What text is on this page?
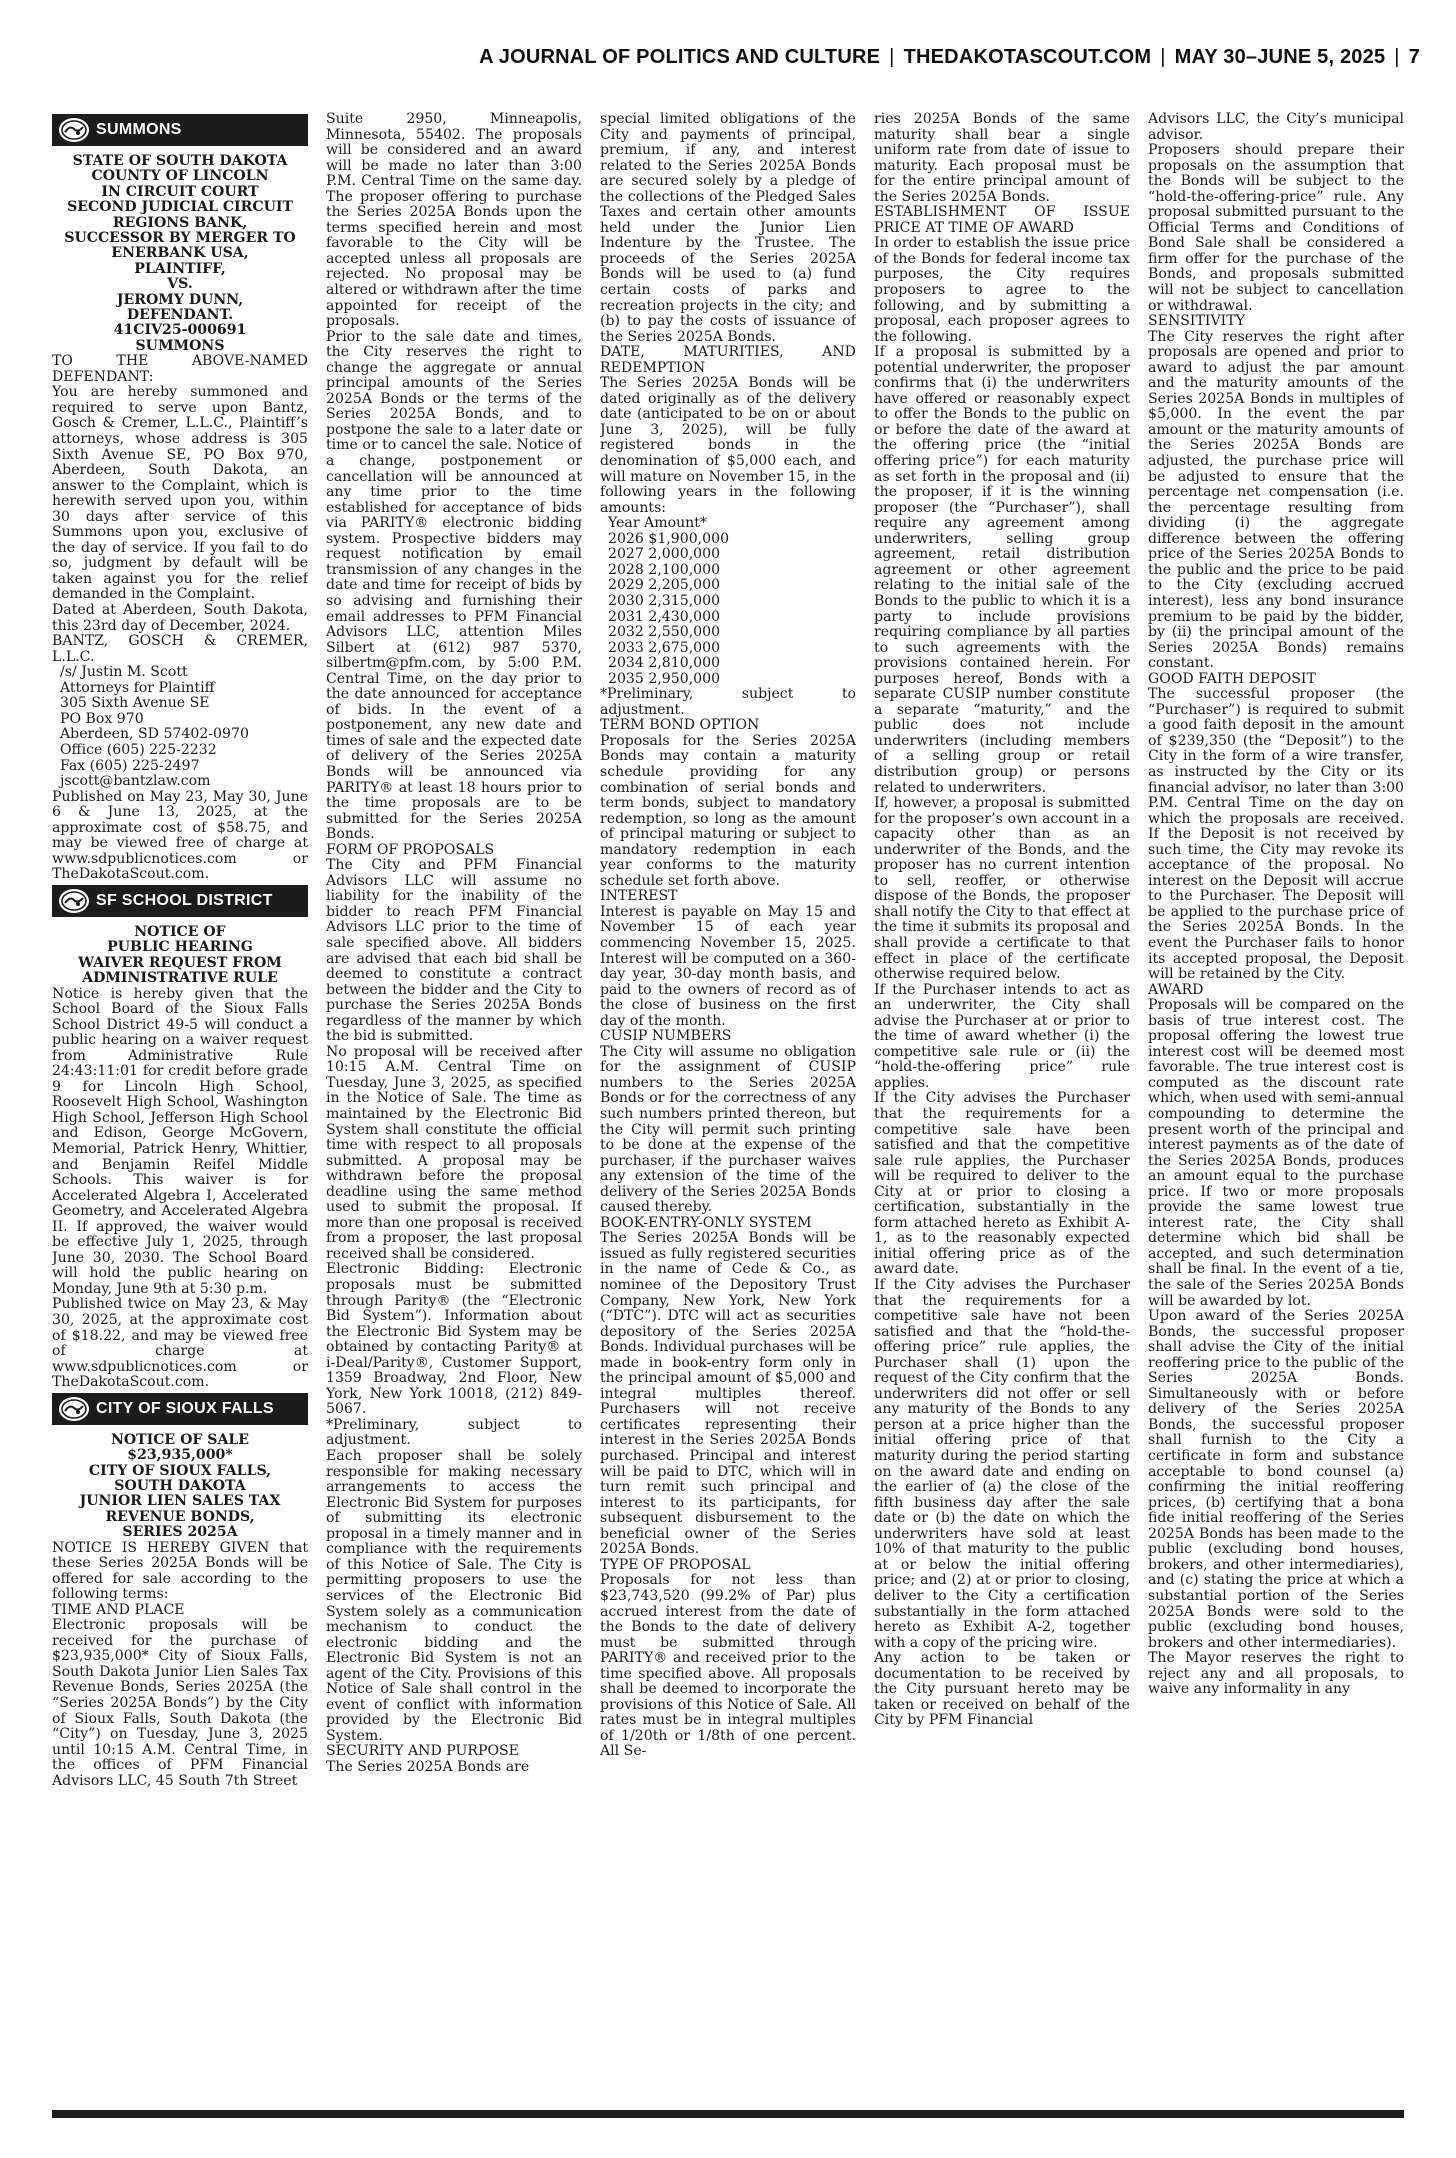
A JOURNAL OF POLITICS AND CULTURE | THEDAKOTASCOUT.COM | MAY 30–JUNE 5, 2025 | 7
SUMMONS

STATE OF SOUTH DAKOTA
COUNTY OF LINCOLN
IN CIRCUIT COURT
SECOND JUDICIAL CIRCUIT
REGIONS BANK,
SUCCESSOR BY MERGER TO
ENERBANK USA,
PLAINTIFF,
VS.
JEROMY DUNN,
DEFENDANT.
41CIV25-000691
SUMMONS

TO THE ABOVE-NAMED DEFENDANT:

You are hereby summoned and required to serve upon Bantz, Gosch & Cremer, L.L.C., Plaintiff’s attorneys, whose address is 305 Sixth Avenue SE, PO Box 970, Aberdeen, South Dakota, an answer to the Complaint, which is herewith served upon you, within 30 days after service of this Summons upon you, exclusive of the day of service. If you fail to do so, judgment by default will be taken against you for the relief demanded in the Complaint.

Dated at Aberdeen, South Dakota, this 23rd day of December, 2024.

BANTZ, GOSCH & CREMER, L.L.C.

/s/ Justin M. Scott
Attorneys for Plaintiff
305 Sixth Avenue SE
PO Box 970
Aberdeen, SD 57402-0970
Office (605) 225-2232
Fax (605) 225-2497
jscott@bantzlaw.com

Published on May 23, May 30, June 6 & June 13, 2025, at the approximate cost of $58.75, and may be viewed free of charge at www.sdpublicnotices.com or TheDakotaScout.com.

SF SCHOOL DISTRICT

NOTICE OF
PUBLIC HEARING
WAIVER REQUEST FROM
ADMINISTRATIVE RULE

Notice is hereby given that the School Board of the Sioux Falls School District 49-5 will conduct a public hearing on a waiver request from Administrative Rule 24:43:11:01 for credit before grade 9 for Lincoln High School, Roosevelt High School, Washington High School, Jefferson High School and Edison, George McGovern, Memorial, Patrick Henry, Whittier, and Benjamin Reifel Middle Schools. This waiver is for Accelerated Algebra I, Accelerated Geometry, and Accelerated Algebra II. If approved, the waiver would be effective July 1, 2025, through June 30, 2030. The School Board will hold the public hearing on Monday, June 9th at 5:30 p.m.

Published twice on May 23, & May 30, 2025, at the approximate cost of $18.22, and may be viewed free of charge at www.sdpublicnotices.com or TheDakotaScout.com.

CITY OF SIOUX FALLS

NOTICE OF SALE
$23,935,000*
CITY OF SIOUX FALLS,
SOUTH DAKOTA
JUNIOR LIEN SALES TAX
REVENUE BONDS,
SERIES 2025A

NOTICE IS HEREBY GIVEN that these Series 2025A Bonds will be offered for sale according to the following terms:

TIME AND PLACE

Electronic proposals will be received for the purchase of $23,935,000* City of Sioux Falls, South Dakota Junior Lien Sales Tax Revenue Bonds, Series 2025A (the “Series 2025A Bonds”) by the City of Sioux Falls, South Dakota (the “City”) on Tuesday, June 3, 2025 until 10:15 A.M. Central Time, in the offices of PFM Financial Advisors LLC, 45 South 7th Street

Suite 2950, Minneapolis, Minnesota, 55402. The proposals will be considered and an award will be made no later than 3:00 P.M. Central Time on the same day. The proposer offering to purchase the Series 2025A Bonds upon the terms specified herein and most favorable to the City will be accepted unless all proposals are rejected. No proposal may be altered or withdrawn after the time appointed for receipt of the proposals.

Prior to the sale date and times, the City reserves the right to change the aggregate or annual principal amounts of the Series 2025A Bonds or the terms of the Series 2025A Bonds, and to postpone the sale to a later date or time or to cancel the sale. Notice of a change, postponement or cancellation will be announced at any time prior to the time established for acceptance of bids via PARITY® electronic bidding system. Prospective bidders may request notification by email transmission of any changes in the date and time for receipt of bids by so advising and furnishing their email addresses to PFM Financial Advisors LLC, attention Miles Silbert at (612) 987 5370, silbertm@pfm.com, by 5:00 P.M. Central Time, on the day prior to the date announced for acceptance of bids. In the event of a postponement, any new date and times of sale and the expected date of delivery of the Series 2025A Bonds will be announced via PARITY® at least 18 hours prior to the time proposals are to be submitted for the Series 2025A Bonds.

FORM OF PROPOSALS

The City and PFM Financial Advisors LLC will assume no liability for the inability of the bidder to reach PFM Financial Advisors LLC prior to the time of sale specified above. All bidders are advised that each bid shall be deemed to constitute a contract between the bidder and the City to purchase the Series 2025A Bonds regardless of the manner by which the bid is submitted.

No proposal will be received after 10:15 A.M. Central Time on Tuesday, June 3, 2025, as specified in the Notice of Sale. The time as maintained by the Electronic Bid System shall constitute the official time with respect to all proposals submitted. A proposal may be withdrawn before the proposal deadline using the same method used to submit the proposal. If more than one proposal is received from a proposer, the last proposal received shall be considered.

Electronic Bidding: Electronic proposals must be submitted through Parity® (the “Electronic Bid System”). Information about the Electronic Bid System may be obtained by contacting Parity® at i-Deal/Parity®, Customer Support, 1359 Broadway, 2nd Floor, New York, New York 10018, (212) 849-5067.

*Preliminary, subject to adjustment.

Each proposer shall be solely responsible for making necessary arrangements to access the Electronic Bid System for purposes of submitting its electronic proposal in a timely manner and in compliance with the requirements of this Notice of Sale. The City is permitting proposers to use the services of the Electronic Bid System solely as a communication mechanism to conduct the electronic bidding and the Electronic Bid System is not an agent of the City. Provisions of this Notice of Sale shall control in the event of conflict with information provided by the Electronic Bid System.

SECURITY AND PURPOSE

The Series 2025A Bonds are

special limited obligations of the City and payments of principal, premium, if any, and interest related to the Series 2025A Bonds are secured solely by a pledge of the collections of the Pledged Sales Taxes and certain other amounts held under the Junior Lien Indenture by the Trustee. The proceeds of the Series 2025A Bonds will be used to (a) fund certain costs of parks and recreation projects in the city; and (b) to pay the costs of issuance of the Series 2025A Bonds.

DATE, MATURITIES, AND REDEMPTION

The Series 2025A Bonds will be dated originally as of the delivery date (anticipated to be on or about June 3, 2025), will be fully registered bonds in the denomination of $5,000 each, and will mature on November 15, in the following years in the following amounts:

Year Amount*
2026 $1,900,000
2027 2,000,000
2028 2,100,000
2029 2,205,000
2030 2,315,000
2031 2,430,000
2032 2,550,000
2033 2,675,000
2034 2,810,000
2035 2,950,000

*Preliminary, subject to adjustment.

TERM BOND OPTION

Proposals for the Series 2025A Bonds may contain a maturity schedule providing for any combination of serial bonds and term bonds, subject to mandatory redemption, so long as the amount of principal maturing or subject to mandatory redemption in each year conforms to the maturity schedule set forth above.

INTEREST

Interest is payable on May 15 and November 15 of each year commencing November 15, 2025. Interest will be computed on a 360-day year, 30-day month basis, and paid to the owners of record as of the close of business on the first day of the month.

CUSIP NUMBERS

The City will assume no obligation for the assignment of CUSIP numbers to the Series 2025A Bonds or for the correctness of any such numbers printed thereon, but the City will permit such printing to be done at the expense of the purchaser, if the purchaser waives any extension of the time of the delivery of the Series 2025A Bonds caused thereby.

BOOK-ENTRY-ONLY SYSTEM

The Series 2025A Bonds will be issued as fully registered securities in the name of Cede & Co., as nominee of the Depository Trust Company, New York, New York (“DTC”). DTC will act as securities depository of the Series 2025A Bonds. Individual purchases will be made in book-entry form only in the principal amount of $5,000 and integral multiples thereof. Purchasers will not receive certificates representing their interest in the Series 2025A Bonds purchased. Principal and interest will be paid to DTC, which will in turn remit such principal and interest to its participants, for subsequent disbursement to the beneficial owner of the Series 2025A Bonds.

TYPE OF PROPOSAL

Proposals for not less than $23,743,520 (99.2% of Par) plus accrued interest from the date of the Bonds to the date of delivery must be submitted through PARITY® and received prior to the time specified above. All proposals shall be deemed to incorporate the provisions of this Notice of Sale. All rates must be in integral multiples of 1/20th or 1/8th of one percent. All Se-

ries 2025A Bonds of the same maturity shall bear a single uniform rate from date of issue to maturity. Each proposal must be for the entire principal amount of the Series 2025A Bonds.

ESTABLISHMENT OF ISSUE PRICE AT TIME OF AWARD

In order to establish the issue price of the Bonds for federal income tax purposes, the City requires proposers to agree to the following, and by submitting a proposal, each proposer agrees to the following.

If a proposal is submitted by a potential underwriter, the proposer confirms that (i) the underwriters have offered or reasonably expect to offer the Bonds to the public on or before the date of the award at the offering price (the “initial offering price”) for each maturity as set forth in the proposal and (ii) the proposer, if it is the winning proposer (the “Purchaser”), shall require any agreement among underwriters, selling group agreement, retail distribution agreement or other agreement relating to the initial sale of the Bonds to the public to which it is a party to include provisions requiring compliance by all parties to such agreements with the provisions contained herein. For purposes hereof, Bonds with a separate CUSIP number constitute a separate “maturity,” and the public does not include underwriters (including members of a selling group or retail distribution group) or persons related to underwriters.

If, however, a proposal is submitted for the proposer’s own account in a capacity other than as an underwriter of the Bonds, and the proposer has no current intention to sell, reoffer, or otherwise dispose of the Bonds, the proposer shall notify the City to that effect at the time it submits its proposal and shall provide a certificate to that effect in place of the certificate otherwise required below.

If the Purchaser intends to act as an underwriter, the City shall advise the Purchaser at or prior to the time of award whether (i) the competitive sale rule or (ii) the “hold-the-offering price” rule applies.

If the City advises the Purchaser that the requirements for a competitive sale have been satisfied and that the competitive sale rule applies, the Purchaser will be required to deliver to the City at or prior to closing a certification, substantially in the form attached hereto as Exhibit A-1, as to the reasonably expected initial offering price as of the award date.

If the City advises the Purchaser that the requirements for a competitive sale have not been satisfied and that the “hold-the-offering price” rule applies, the Purchaser shall (1) upon the request of the City confirm that the underwriters did not offer or sell any maturity of the Bonds to any person at a price higher than the initial offering price of that maturity during the period starting on the award date and ending on the earlier of (a) the close of the fifth business day after the sale date or (b) the date on which the underwriters have sold at least 10% of that maturity to the public at or below the initial offering price; and (2) at or prior to closing, deliver to the City a certification substantially in the form attached hereto as Exhibit A-2, together with a copy of the pricing wire.

Any action to be taken or documentation to be received by the City pursuant hereto may be taken or received on behalf of the City by PFM Financial

Advisors LLC, the City’s municipal advisor.

Proposers should prepare their proposals on the assumption that the Bonds will be subject to the “hold-the-offering-price” rule. Any proposal submitted pursuant to the Official Terms and Conditions of Bond Sale shall be considered a firm offer for the purchase of the Bonds, and proposals submitted will not be subject to cancellation or withdrawal.

SENSITIVITY

The City reserves the right after proposals are opened and prior to award to adjust the par amount and the maturity amounts of the Series 2025A Bonds in multiples of $5,000. In the event the par amount or the maturity amounts of the Series 2025A Bonds are adjusted, the purchase price will be adjusted to ensure that the percentage net compensation (i.e. the percentage resulting from dividing (i) the aggregate difference between the offering price of the Series 2025A Bonds to the public and the price to be paid to the City (excluding accrued interest), less any bond insurance premium to be paid by the bidder, by (ii) the principal amount of the Series 2025A Bonds) remains constant.

GOOD FAITH DEPOSIT

The successful proposer (the “Purchaser”) is required to submit a good faith deposit in the amount of $239,350 (the “Deposit”) to the City in the form of a wire transfer, as instructed by the City or its financial advisor, no later than 3:00 P.M. Central Time on the day on which the proposals are received. If the Deposit is not received by such time, the City may revoke its acceptance of the proposal. No interest on the Deposit will accrue to the Purchaser. The Deposit will be applied to the purchase price of the Series 2025A Bonds. In the event the Purchaser fails to honor its accepted proposal, the Deposit will be retained by the City.

AWARD

Proposals will be compared on the basis of true interest cost. The proposal offering the lowest true interest cost will be deemed most favorable. The true interest cost is computed as the discount rate which, when used with semi-annual compounding to determine the present worth of the principal and interest payments as of the date of the Series 2025A Bonds, produces an amount equal to the purchase price. If two or more proposals provide the same lowest true interest rate, the City shall determine which bid shall be accepted, and such determination shall be final. In the event of a tie, the sale of the Series 2025A Bonds will be awarded by lot.

Upon award of the Series 2025A Bonds, the successful proposer shall advise the City of the initial reoffering price to the public of the Series 2025A Bonds. Simultaneously with or before delivery of the Series 2025A Bonds, the successful proposer shall furnish to the City a certificate in form and substance acceptable to bond counsel (a) confirming the initial reoffering prices, (b) certifying that a bona fide initial reoffering of the Series 2025A Bonds has been made to the public (excluding bond houses, brokers, and other intermediaries), and (c) stating the price at which a substantial portion of the Series 2025A Bonds were sold to the public (excluding bond houses, brokers and other intermediaries).

The Mayor reserves the right to reject any and all proposals, to waive any informality in any
